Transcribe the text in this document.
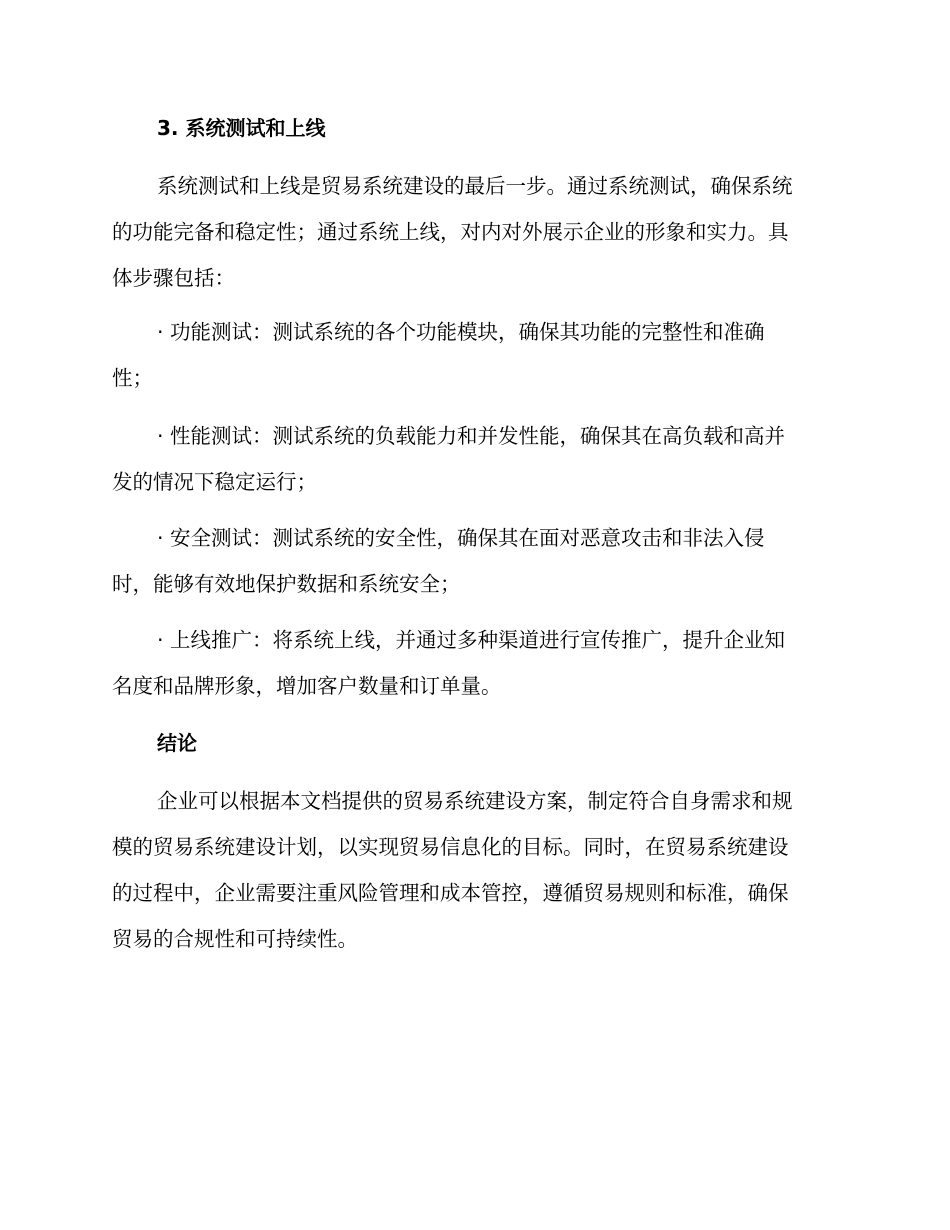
3. 系统测试和上线
系统测试和上线是贸易系统建设的最后一步。通过系统测试，确保系统
的功能完备和稳定性；通过系统上线，对内对外展示企业的形象和实力。具
体步骤包括：
· 功能测试：测试系统的各个功能模块，确保其功能的完整性和准确
性；
· 性能测试：测试系统的负载能力和并发性能，确保其在高负载和高并
发的情况下稳定运行；
· 安全测试：测试系统的安全性，确保其在面对恶意攻击和非法入侵
时，能够有效地保护数据和系统安全；
· 上线推广：将系统上线，并通过多种渠道进行宣传推广，提升企业知
名度和品牌形象，增加客户数量和订单量。
结论
企业可以根据本文档提供的贸易系统建设方案，制定符合自身需求和规
模的贸易系统建设计划，以实现贸易信息化的目标。同时，在贸易系统建设
的过程中，企业需要注重风险管理和成本管控，遵循贸易规则和标准，确保
贸易的合规性和可持续性。
